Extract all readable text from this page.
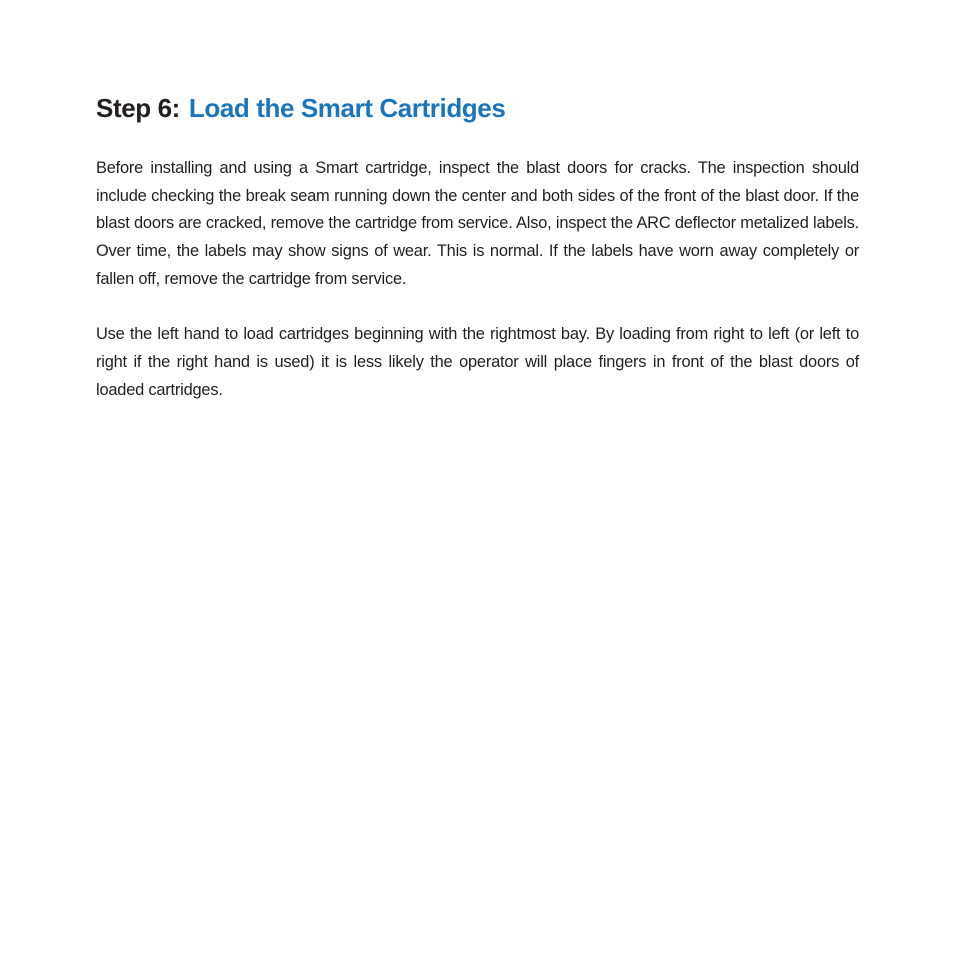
Step 6: Load the Smart Cartridges

Before installing and using a Smart cartridge, inspect the blast doors for cracks. The inspection should include checking the break seam running down the center and both sides of the front of the blast door. If the blast doors are cracked, remove the cartridge from service. Also, inspect the ARC deflector metalized labels. Over time, the labels may show signs of wear. This is normal. If the labels have worn away completely or fallen off, remove the cartridge from service.

Use the left hand to load cartridges beginning with the rightmost bay. By loading from right to left (or left to right if the right hand is used) it is less likely the operator will place fingers in front of the blast doors of loaded cartridges.
